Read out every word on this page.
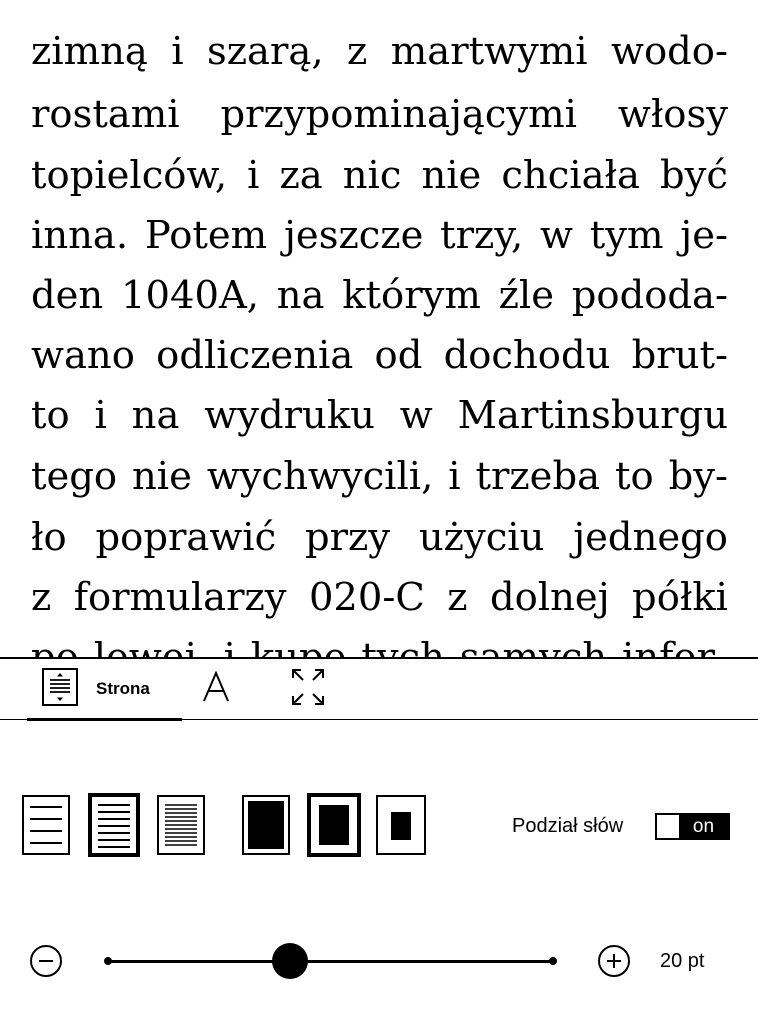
zimną i szarą, z martwymi wodo-

rostami przypominającymi włosy

topielców, i za nic nie chciała być

inna. Potem jeszcze trzy, w tym je-

den 1040A, na którym źle pododa-

wano odliczenia od dochodu brut-

to i na wydruku w Martinsburgu

tego nie wychwycili, i trzeba to by-

ło poprawić przy użyciu jednego

z formularzy 020-C z dolnej półki

Strona
Podział słów	on
20 pt
